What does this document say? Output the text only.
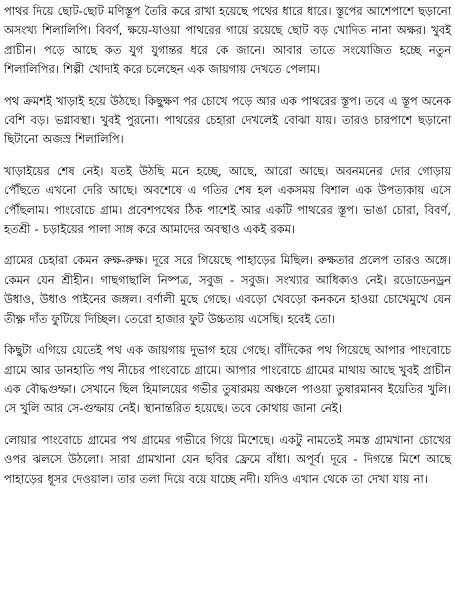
পাথর দিয়ে ছোট-ছোট মণিস্তূপ তৈরি করে রাখা হয়েছে পথের ধারে ধারে। স্তূপের আশেপাশে ছড়ানো অসংখ্য শিলালিপি। বিবর্ণ, ক্ষয়ে-যাওয়া পাথরের গায়ে রয়েছে ছোট বড় খোদিত নানা অক্ষর। খুবই প্রাচীন। পড়ে আছে কত যুগ যুগান্তর ধরে কে জানে। আবার তাতে সংযোজিত হচ্ছে নতুন শিলালিপির। শিল্পী খোদাই করে চলেছেন এক জায়গায় দেখতে পেলাম।

পথ ক্রমশই খাড়াই হয়ে উঠছে। কিছুক্ষণ পর চোখে পড়ে আর এক পাথরের স্তূপ। তবে এ স্তূপ অনেক বেশি বড়। ভগ্নাবস্থা। খুবই পুরনো। পাথরের চেহারা দেখলেই বোঝা যায়। তারও চারপাশে ছড়ানো ছিটানো অজস্র শিলালিপি।

খাড়াইয়ের শেষ নেই। যতই উঠছি মনে হচ্ছে, আছে, আরো আছে। অবনমনের দোর গোড়ায় পৌঁছতে এখনো দেরি আছে। অবশেষে এ গতির শেষ হল একসময় বিশাল এক উপত্যকায় এসে পৌঁছলাম। পাংবোচে গ্রাম। প্রবেশপথের ঠিক পাশেই আর একটি পাথরের স্তূপ। ভাঙা চোরা, বিবর্ণ, হতশ্রী - চড়াইয়ের পালা সাঙ্গ করে আমাদের অবস্থাও একই রকম।

গ্রামের চেহারা কেমন রুক্ষ-রুক্ষ। দূরে সরে গিয়েছে পাহাড়ের মিছিল। রুক্ষতার প্রলেপ তারও অঙ্গে। কেমন যেন শ্রীহীন। গাছগাছালি নিষ্পত্র, সবুজ - সবুজ। সংখ্যার আধিক্যও নেই। রডোডেনড্রন উধাও, উধাও পাইনের জঙ্গল। বর্ণালী মুছে গেছে। এবড়ো খেবড়ো কনকনে হাওয়া চোখেমুখে যেন তীক্ষ্ণ দাঁত ফুটিয়ে দিচ্ছিল। তেরো হাজার ফুট উচ্চতায় এসেছি। হবেই তো।

কিছুটা এগিয়ে যেতেই পথ এক জায়গায় দুভাগ হয়ে গেছে। বাঁদিকের পথ গিয়েছে আপার পাংবোচে গ্রামে আর ডানহাতি পথ নীচের পাংবোচে গ্রামে। আপার পাংবোচে গ্রামের মাথায় আছে খুবই প্রাচীন এক বৌদ্ধগুম্ফা। সেখানে ছিল হিমালয়ের গভীর তুষারময় অঞ্চলে পাওয়া তুষারমানব ইয়েতির খুলি। সে খুলি আর সে-গুম্ফায় নেই। স্থানান্তরিত হয়েছে। তবে কোথায় জানা নেই।

লোয়ার পাংবোচে গ্রামের পথ গ্রামের গভীরে গিয়ে মিশেছে। একটু নামতেই সমস্ত গ্রামখানা চোখের ওপর ঝলসে উঠলো। সারা গ্রামখানা যেন ছবির ফ্রেমে বাঁধা। অপূর্ব। দূরে - দিগন্তে মিশে আছে পাহাড়ের ধূসর দেওয়াল। তার তলা দিয়ে বয়ে যাচ্ছে নদী। যদিও এখান থেকে তা দেখা যায় না।
